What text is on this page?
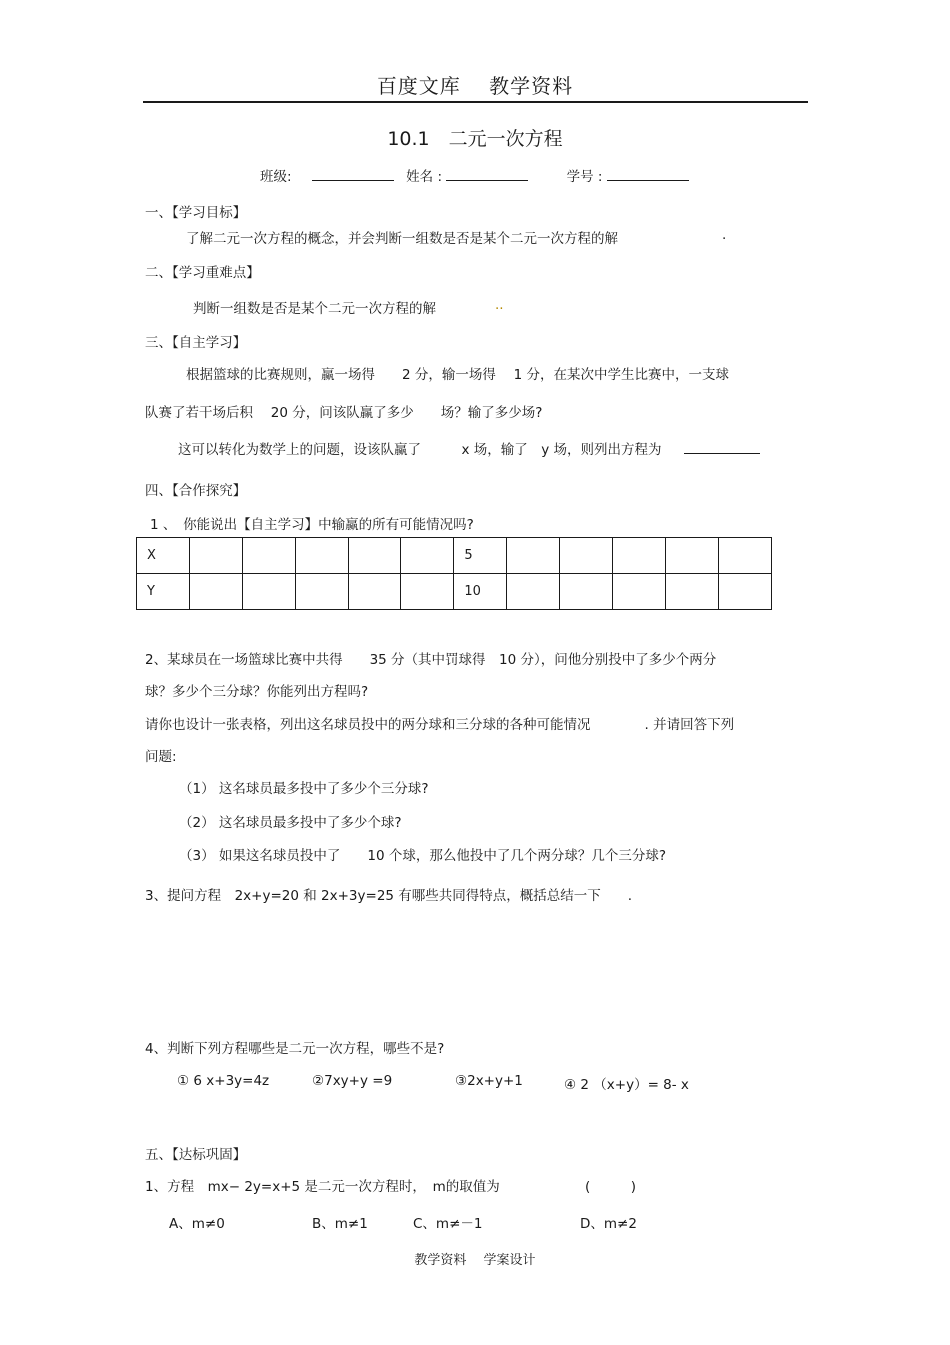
百度文库　 教学资料
10.1　二元一次方程
班级:	姓名 :	学号 :
一、【学习目标】
了解二元一次方程的概念，并会判断一组数是否是某个二元一次方程的解	.
二、【学习重难点】
判断一组数是否是某个二元一次方程的解	..
三、【自主学习】
根据篮球的比赛规则，赢一场得　　2 分，输一场得　 1 分，在某次中学生比赛中，一支球
队赛了若干场后积　 20 分，问该队赢了多少　　场？输了多少场?
这可以转化为数学上的问题，设该队赢了　　　x 场，输了　y 场，则列出方程为
四、【合作探究】
1 、　你能说出【自主学习】中输赢的所有可能情况吗?
X						5					
Y						10					
2、某球员在一场篮球比赛中共得　　35 分（其中罚球得　10 分），问他分别投中了多少个两分
球？多少个三分球？你能列出方程吗?
请你也设计一张表格，列出这名球员投中的两分球和三分球的各种可能情况　　　　. 并请回答下列
问题:
（1） 这名球员最多投中了多少个三分球?
（2） 这名球员最多投中了多少个球?
（3） 如果这名球员投中了　　10 个球，那么他投中了几个两分球？几个三分球?
3、提问方程　2x+y=20 和 2x+3y=25 有哪些共同得特点，概括总结一下　　.
4、判断下列方程哪些是二元一次方程，哪些不是?
① 6 x+3y=4z	②7xy+y =9	③2x+y+1	④ 2 （x+y）= 8- x
五、【达标巩固】
1、方程　mx− 2y=x+5 是二元一次方程时，　m的取值为	(　　　)
A、m≠0	B、m≠1	C、m≠－1	D、m≠2
教学资料　 学案设计
